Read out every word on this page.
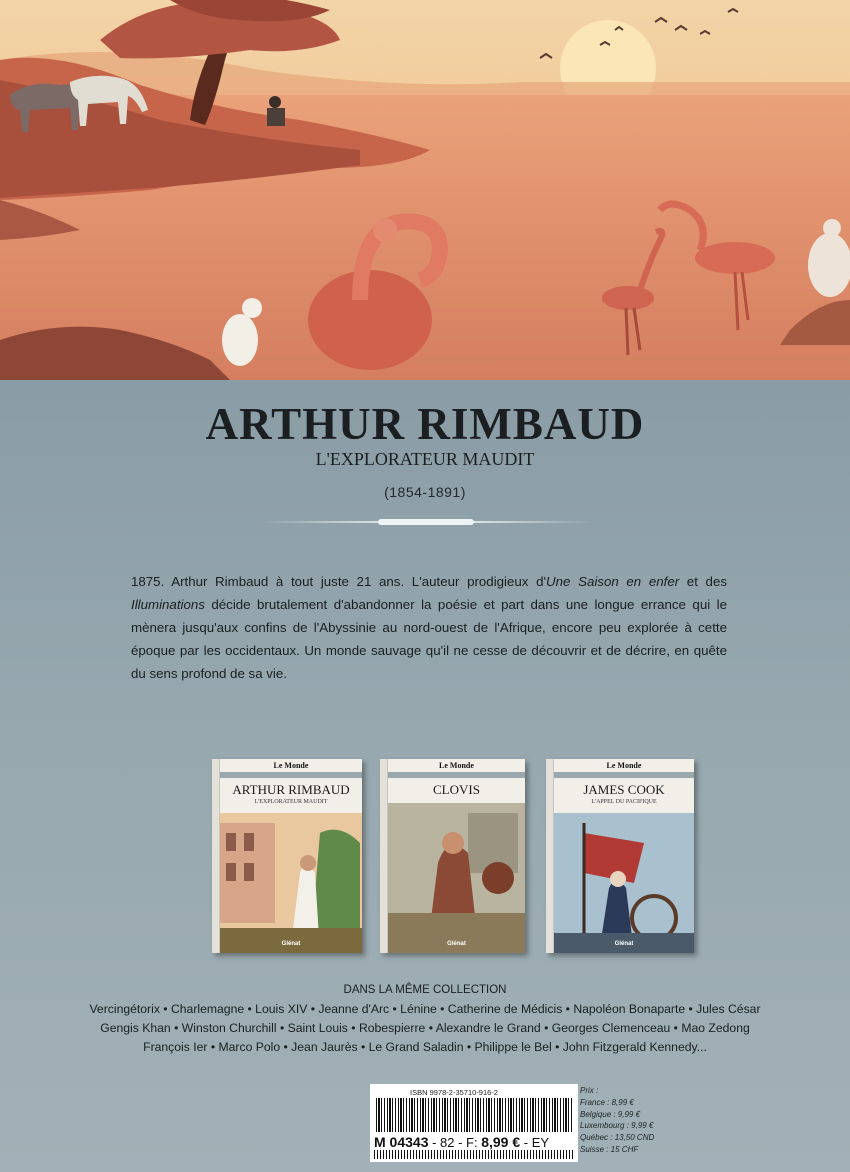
ARTHUR RIMBAUD
L'EXPLORATEUR MAUDIT
(1854-1891)

1875. Arthur Rimbaud à tout juste 21 ans. L'auteur prodigieux d'Une Saison en enfer et des Illuminations décide brutalement d'abandonner la poésie et part dans une longue errance qui le mènera jusqu'aux confins de l'Abyssinie au nord-ouest de l'Afrique, encore peu explorée à cette époque par les occidentaux. Un monde sauvage qu'il ne cesse de découvrir et de décrire, en quête du sens profond de sa vie.

Le Monde
ARTHUR RIMBAUD
L'EXPLORATEUR MAUDIT
Glénat
Le Monde
CLOVIS
Glénat
Le Monde
JAMES COOK
L'APPEL DU PACIFIQUE
Glénat
DANS LA MÊME COLLECTION
Vercingétorix • Charlemagne • Louis XIV • Jeanne d'Arc • Lénine • Catherine de Médicis • Napoléon Bonaparte • Jules César
Gengis Khan • Winston Churchill • Saint Louis • Robespierre • Alexandre le Grand • Georges Clemenceau • Mao Zedong
François Ier • Marco Polo • Jean Jaurès • Le Grand Saladin • Philippe le Bel • John Fitzgerald Kennedy...
ISBN 9978-2-35710-916-2
M 04343 - 82 - F: 8,99 € - EY
Prix :
France : 8,99 €
Belgique : 9,99 €
Luxembourg : 9,99 €
Québec : 13,50 CND
Suisse : 15 CHF
